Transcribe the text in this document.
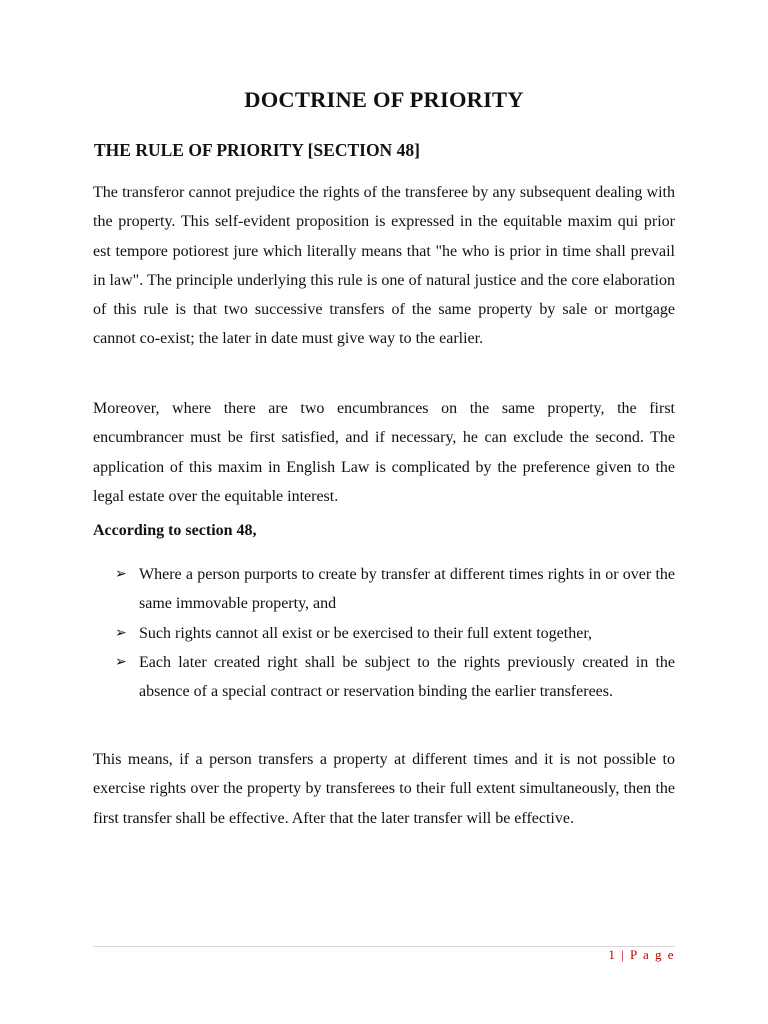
DOCTRINE OF PRIORITY
THE RULE OF PRIORITY [SECTION 48]

The transferor cannot prejudice the rights of the transferee by any subsequent dealing with the property. This self-evident proposition is expressed in the equitable maxim qui prior est tempore potiorest jure which literally means that "he who is prior in time shall prevail in law". The principle underlying this rule is one of natural justice and the core elaboration of this rule is that two successive transfers of the same property by sale or mortgage cannot co-exist; the later in date must give way to the earlier.

Moreover, where there are two encumbrances on the same property, the first encumbrancer must be first satisfied, and if necessary, he can exclude the second. The application of this maxim in English Law is complicated by the preference given to the legal estate over the equitable interest.

According to section 48,
➢ Where a person purports to create by transfer at different times rights in or over the same immovable property, and
➢ Such rights cannot all exist or be exercised to their full extent together,
➢ Each later created right shall be subject to the rights previously created in the absence of a special contract or reservation binding the earlier transferees.

This means, if a person transfers a property at different times and it is not possible to exercise rights over the property by transferees to their full extent simultaneously, then the first transfer shall be effective. After that the later transfer will be effective.

1 | P a g e
